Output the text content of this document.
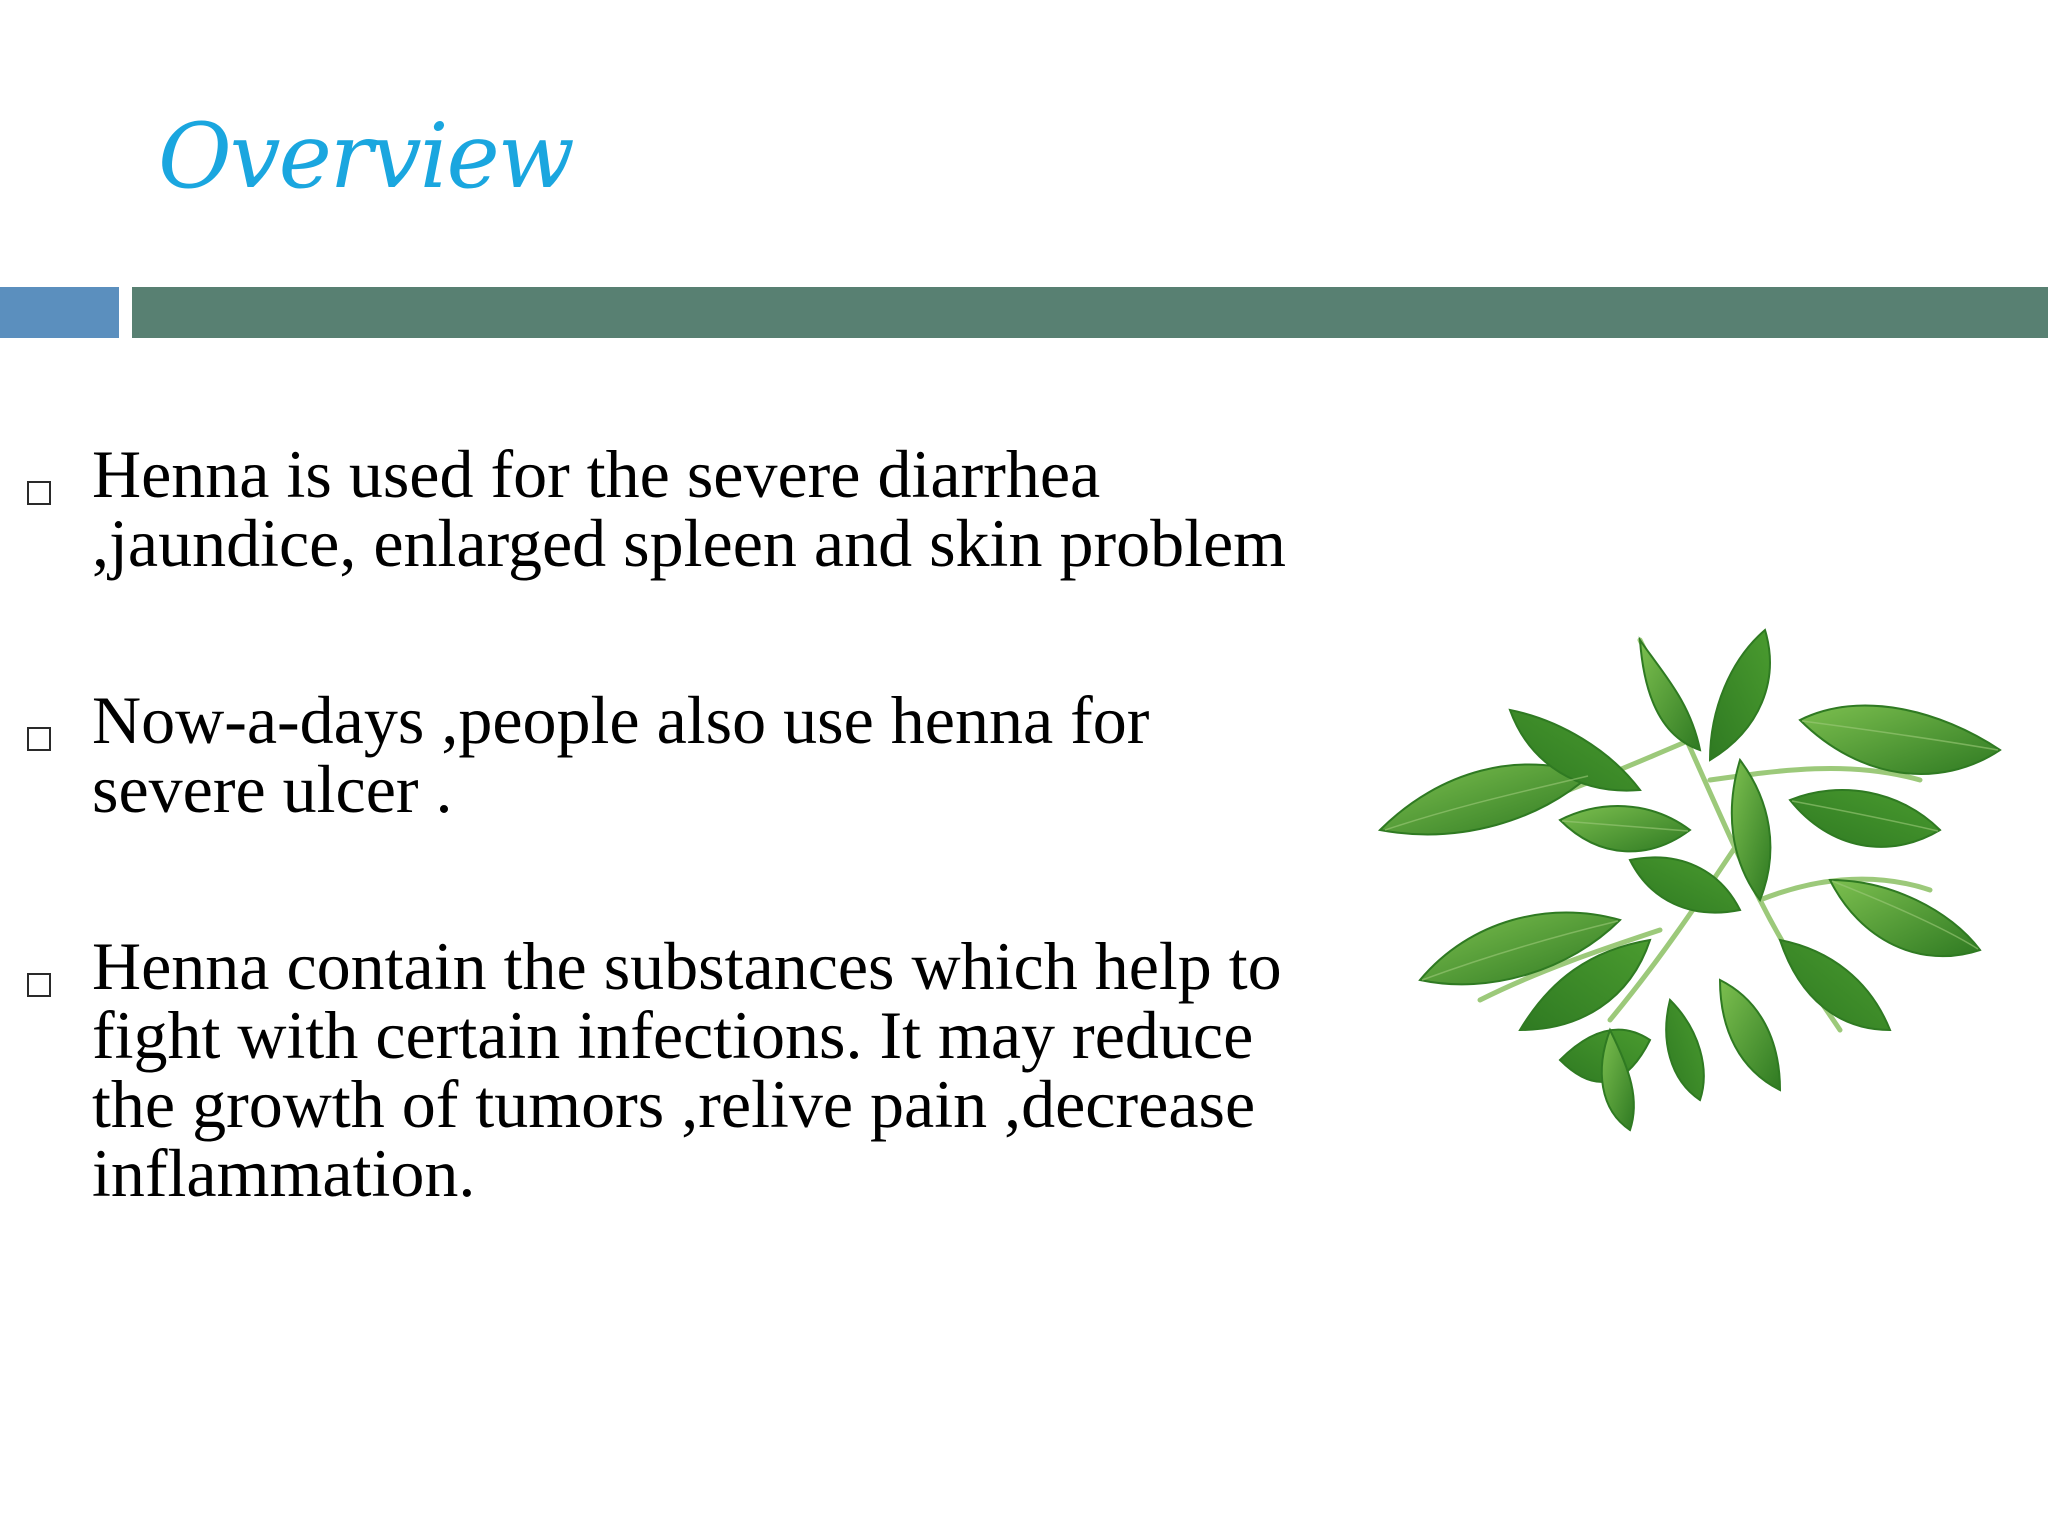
Overview
Henna is used for the severe diarrhea
,jaundice, enlarged spleen and skin problem
Now-a-days ,people also use henna for
severe ulcer .
Henna contain the substances which help to
fight with certain infections. It may reduce
the growth of tumors ,relive pain ,decrease
inflammation.
